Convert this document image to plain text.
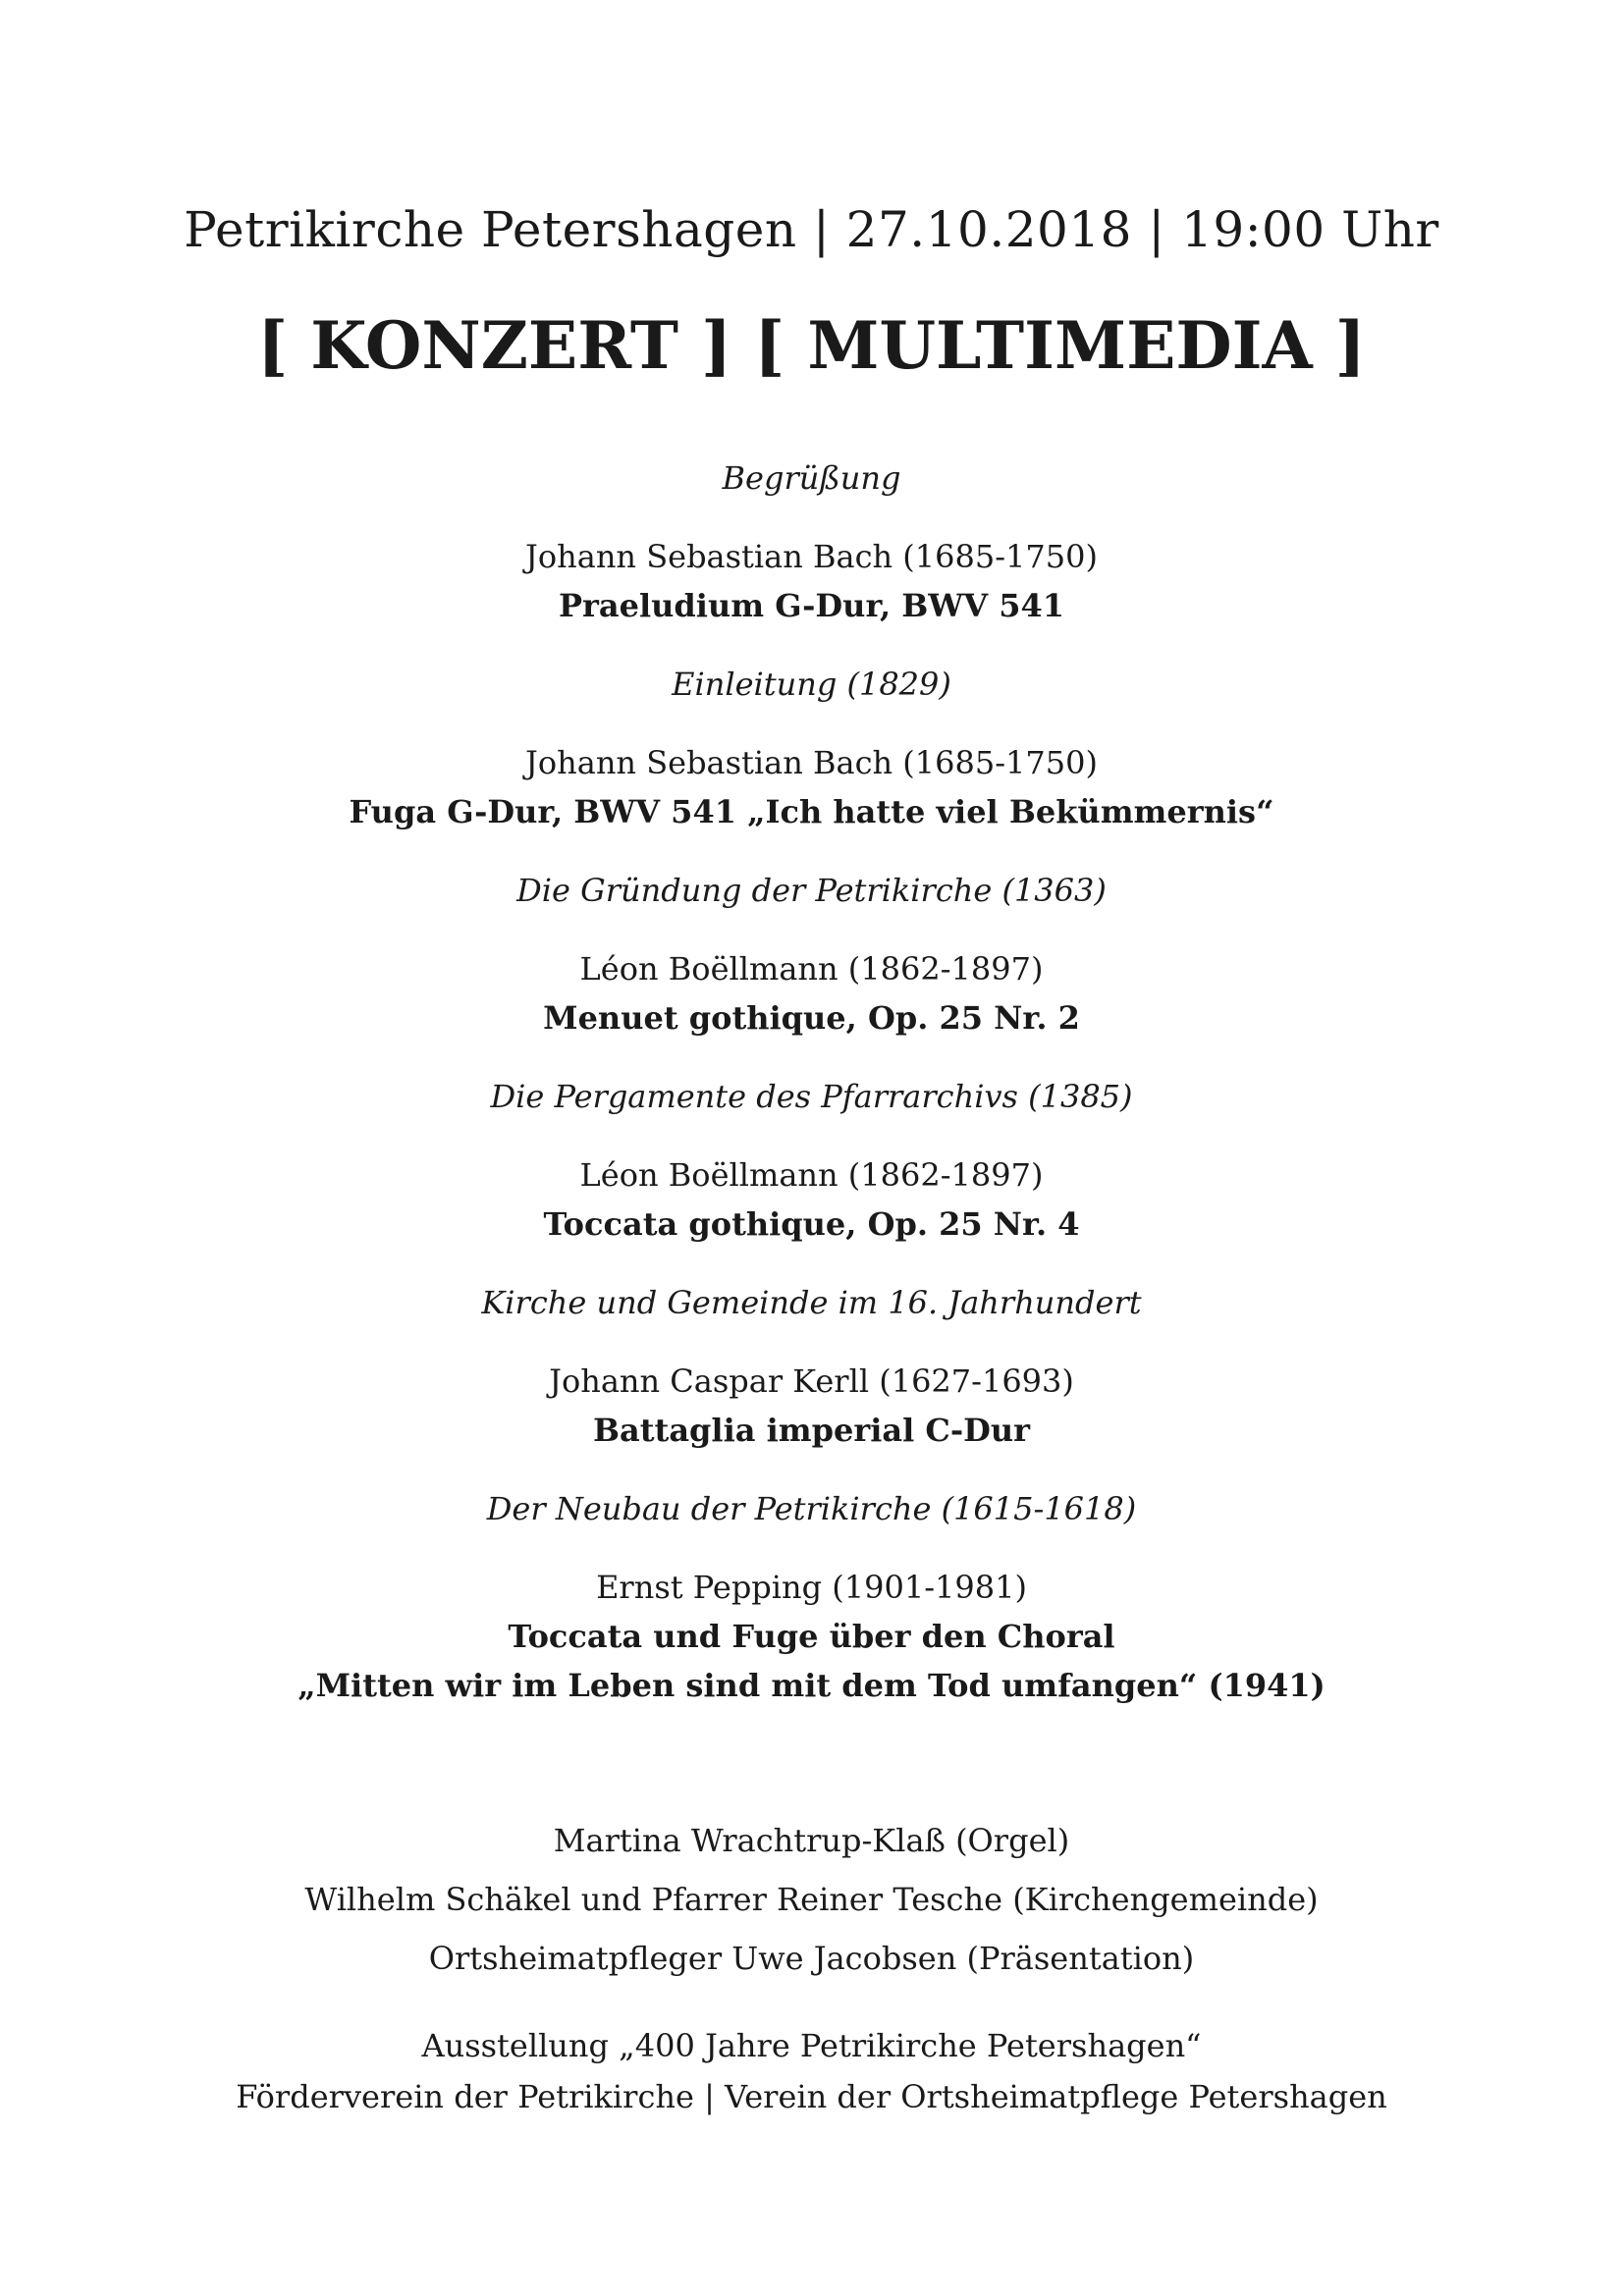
Petrikirche Petershagen | 27.10.2018 | 19:00 Uhr
[ KONZERT ] [ MULTIMEDIA ]
Begrüßung
Johann Sebastian Bach (1685-1750)
Praeludium G-Dur, BWV 541
Einleitung (1829)
Johann Sebastian Bach (1685-1750)
Fuga G-Dur, BWV 541 „Ich hatte viel Bekümmernis“
Die Gründung der Petrikirche (1363)
Léon Boëllmann (1862-1897)
Menuet gothique, Op. 25 Nr. 2
Die Pergamente des Pfarrarchivs (1385)
Léon Boëllmann (1862-1897)
Toccata gothique, Op. 25 Nr. 4
Kirche und Gemeinde im 16. Jahrhundert
Johann Caspar Kerll (1627-1693)
Battaglia imperial C-Dur
Der Neubau der Petrikirche (1615-1618)
Ernst Pepping (1901-1981)
Toccata und Fuge über den Choral
„Mitten wir im Leben sind mit dem Tod umfangen“ (1941)
Martina Wrachtrup-Klaß (Orgel)
Wilhelm Schäkel und Pfarrer Reiner Tesche (Kirchengemeinde)
Ortsheimatpfleger Uwe Jacobsen (Präsentation)
Ausstellung „400 Jahre Petrikirche Petershagen“
Förderverein der Petrikirche | Verein der Ortsheimatpflege Petershagen
